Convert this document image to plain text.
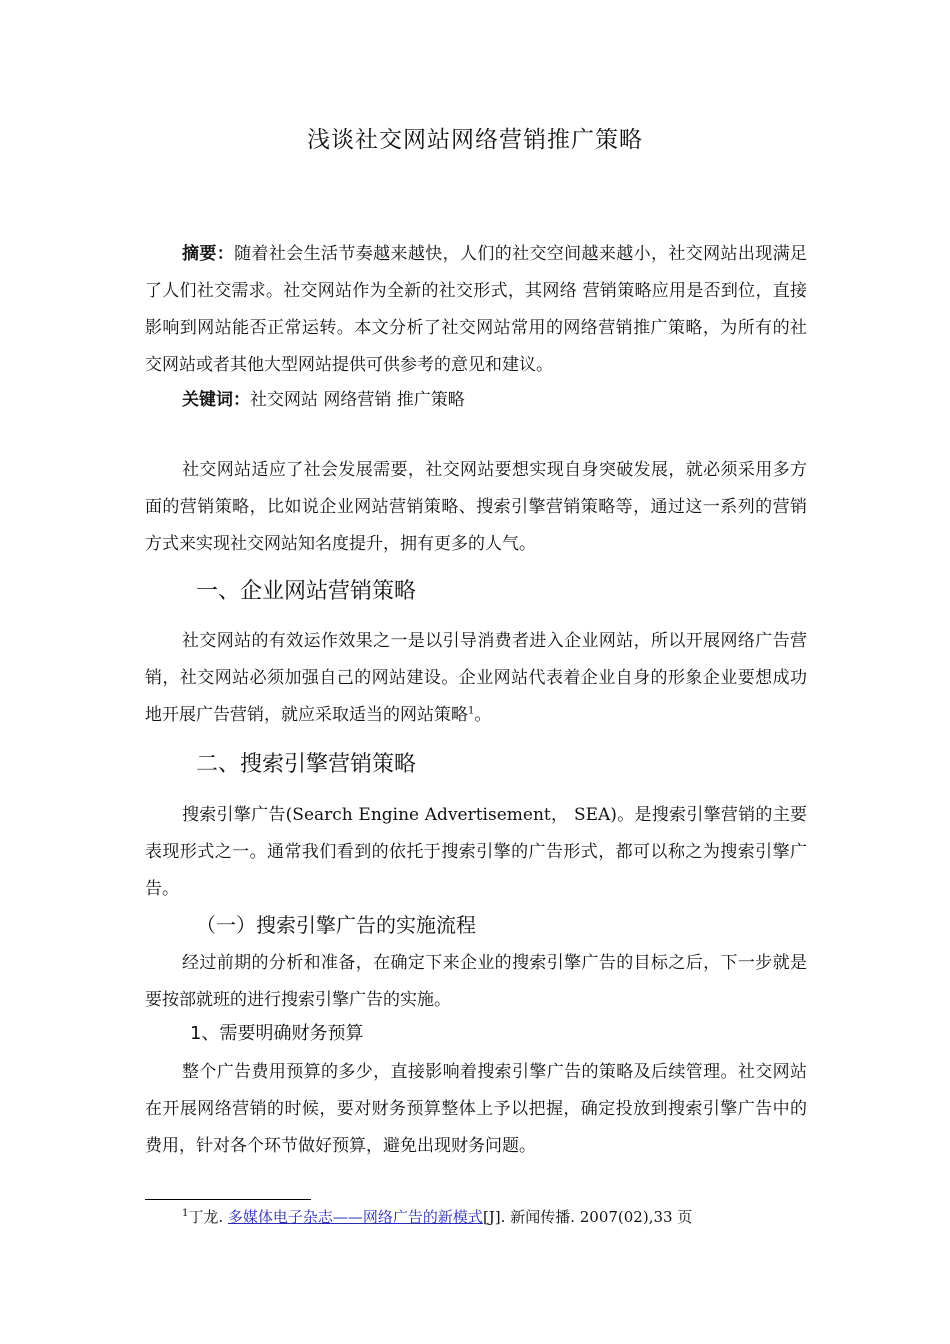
浅谈社交网站网络营销推广策略

摘要：随着社会生活节奏越来越快，人们的社交空间越来越小，社交网站出现满足了人们社交需求。社交网站作为全新的社交形式，其网络 营销策略应用是否到位，直接影响到网站能否正常运转。本文分析了社交网站常用的网络营销推广策略，为所有的社交网站或者其他大型网站提供可供参考的意见和建议。

关键词：社交网站 网络营销 推广策略

社交网站适应了社会发展需要，社交网站要想实现自身突破发展，就必须采用多方面的营销策略，比如说企业网站营销策略、搜索引擎营销策略等，通过这一系列的营销方式来实现社交网站知名度提升，拥有更多的人气。

一、企业网站营销策略

社交网站的有效运作效果之一是以引导消费者进入企业网站，所以开展网络广告营销，社交网站必须加强自己的网站建设。企业网站代表着企业自身的形象企业要想成功地开展广告营销，就应采取适当的网站策略$^1$。

二、搜索引擎营销策略

搜索引擎广告(Search Engine Advertisement， SEA)。是搜索引擎营销的主要表现形式之一。通常我们看到的依托于搜索引擎的广告形式，都可以称之为搜索引擎广告。

（一）搜索引擎广告的实施流程

经过前期的分析和准备，在确定下来企业的搜索引擎广告的目标之后，下一步就是要按部就班的进行搜索引擎广告的实施。

1、需要明确财务预算

整个广告费用预算的多少，直接影响着搜索引擎广告的策略及后续管理。社交网站在开展网络营销的时候，要对财务预算整体上予以把握，确定投放到搜索引擎广告中的费用，针对各个环节做好预算，避免出现财务问题。

$^1$丁龙. 多媒体电子杂志——网络广告的新模式[J]. 新闻传播. 2007(02),33 页
